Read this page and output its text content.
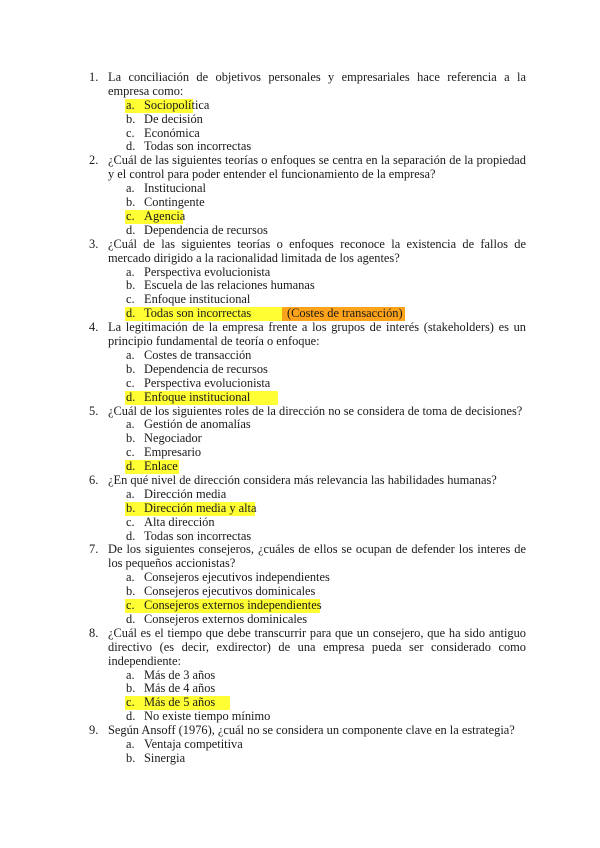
1. La conciliación de objetivos personales y empresariales hace referencia a la empresa como:
a. Sociopolítica
b. De decisión
c. Económica
d. Todas son incorrectas
2. ¿Cuál de las siguientes teorías o enfoques se centra en la separación de la propiedad y el control para poder entender el funcionamiento de la empresa?
a. Institucional
b. Contingente
c. Agencia
d. Dependencia de recursos
3. ¿Cuál de las siguientes teorías o enfoques reconoce la existencia de fallos de mercado dirigido a la racionalidad limitada de los agentes?
a. Perspectiva evolucionista
b. Escuela de las relaciones humanas
c. Enfoque institucional
d. Todas son incorrectas	(Costes de transacción)
4. La legitimación de la empresa frente a los grupos de interés (stakeholders) es un principio fundamental de teoría o enfoque:
a. Costes de transacción
b. Dependencia de recursos
c. Perspectiva evolucionista
d. Enfoque institucional
5. ¿Cuál de los siguientes roles de la dirección no se considera de toma de decisiones?
a. Gestión de anomalías
b. Negociador
c. Empresario
d. Enlace
6. ¿En qué nivel de dirección considera más relevancia las habilidades humanas?
a. Dirección media
b. Dirección media y alta
c. Alta dirección
d. Todas son incorrectas
7. De los siguientes consejeros, ¿cuáles de ellos se ocupan de defender los interes de los pequeños accionistas?
a. Consejeros ejecutivos independientes
b. Consejeros ejecutivos dominicales
c. Consejeros externos independientes
d. Consejeros externos dominicales
8. ¿Cuál es el tiempo que debe transcurrir para que un consejero, que ha sido antiguo directivo (es decir, exdirector) de una empresa pueda ser considerado como independiente:
a. Más de 3 años
b. Más de 4 años
c. Más de 5 años
d. No existe tiempo mínimo
9. Según Ansoff (1976), ¿cuál no se considera un componente clave en la estrategia?
a. Ventaja competitiva
b. Sinergia
